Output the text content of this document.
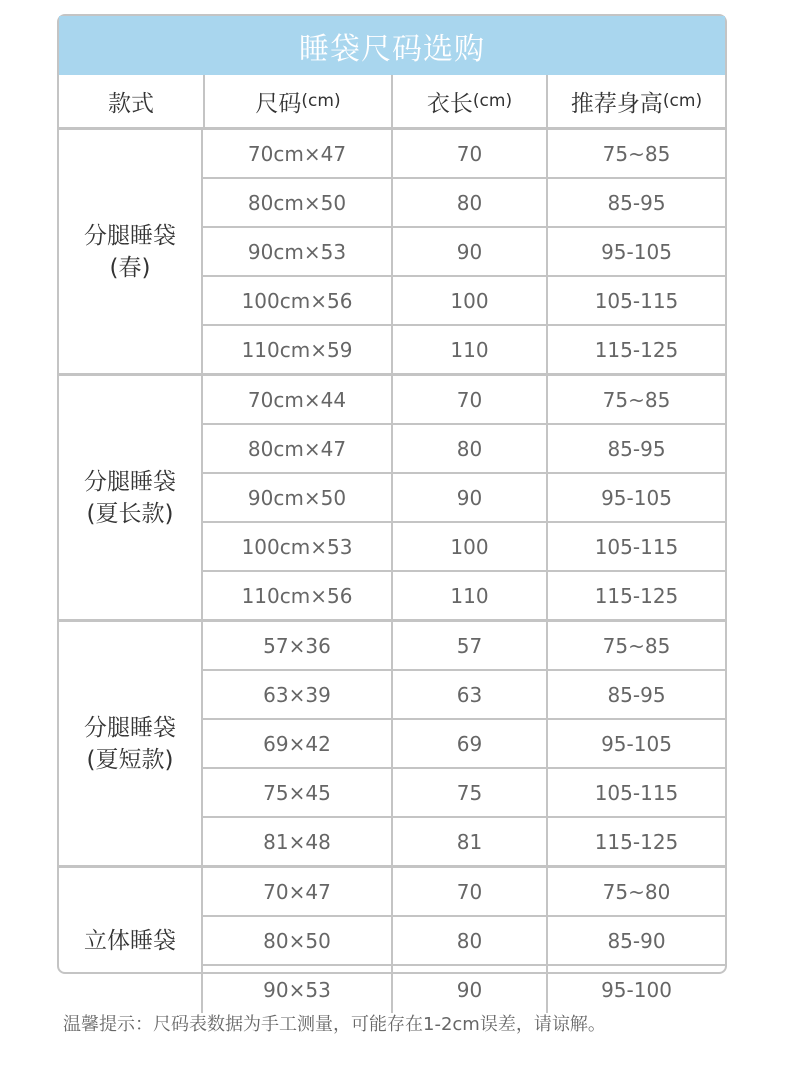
睡袋尺码选购
款式	尺码 (cm)	衣长 (cm)	推荐身高 (cm)
分腿睡袋
(春)
70cm×47	70	75~85
80cm×50	80	85-95
90cm×53	90	95-105
100cm×56	100	105-115
110cm×59	110	115-125
分腿睡袋
(夏长款)
70cm×44	70	75~85
80cm×47	80	85-95
90cm×50	90	95-105
100cm×53	100	105-115
110cm×56	110	115-125
分腿睡袋
(夏短款)
57×36	57	75~85
63×39	63	85-95
69×42	69	95-105
75×45	75	105-115
81×48	81	115-125
立体睡袋
70×47	70	75~80
80×50	80	85-90
90×53	90	95-100
温馨提示：尺码表数据为手工测量，可能存在1-2cm误差，请谅解。
